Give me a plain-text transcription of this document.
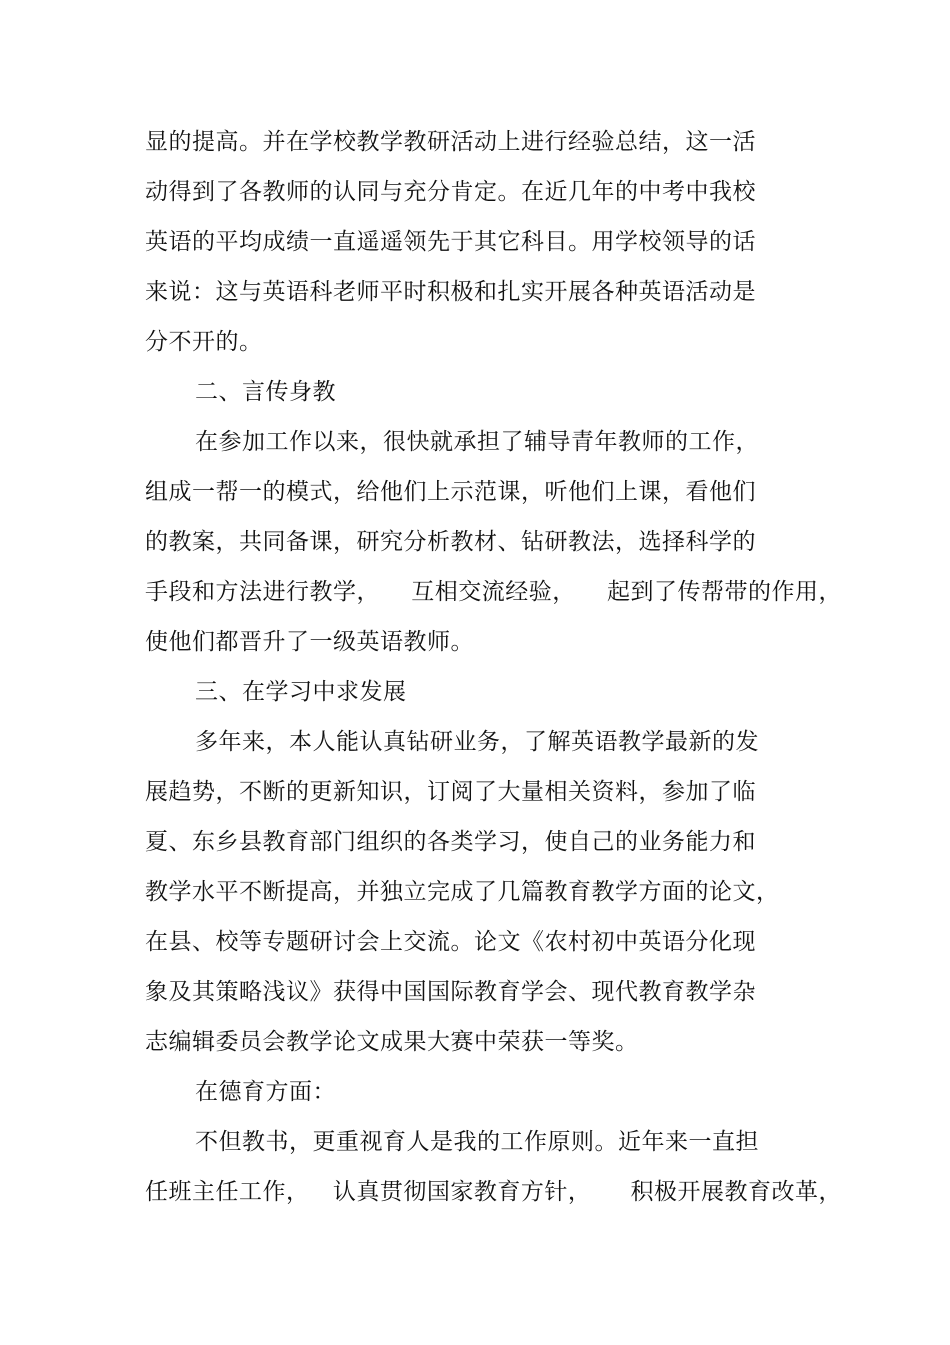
显的提高。并在学校教学教研活动上进行经验总结，这一活
动得到了各教师的认同与充分肯定。在近几年的中考中我校
英语的平均成绩一直遥遥领先于其它科目。用学校领导的话
来说：这与英语科老师平时积极和扎实开展各种英语活动是
分不开的。
二、言传身教
在参加工作以来，很快就承担了辅导青年教师的工作，
组成一帮一的模式，给他们上示范课，听他们上课，看他们
的教案，共同备课，研究分析教材、钻研教法，选择科学的
手段和方法进行教学，    互相交流经验，    起到了传帮带的作用，
使他们都晋升了一级英语教师。
三、在学习中求发展
多年来，本人能认真钻研业务，了解英语教学最新的发
展趋势，不断的更新知识，订阅了大量相关资料，参加了临
夏、东乡县教育部门组织的各类学习，使自己的业务能力和
教学水平不断提高，并独立完成了几篇教育教学方面的论文，
在县、校等专题研讨会上交流。论文《农村初中英语分化现
象及其策略浅议》获得中国国际教育学会、现代教育教学杂
志编辑委员会教学论文成果大赛中荣获一等奖。
在德育方面：
不但教书，更重视育人是我的工作原则。近年来一直担
任班主任工作，   认真贯彻国家教育方针，     积极开展教育改革，
